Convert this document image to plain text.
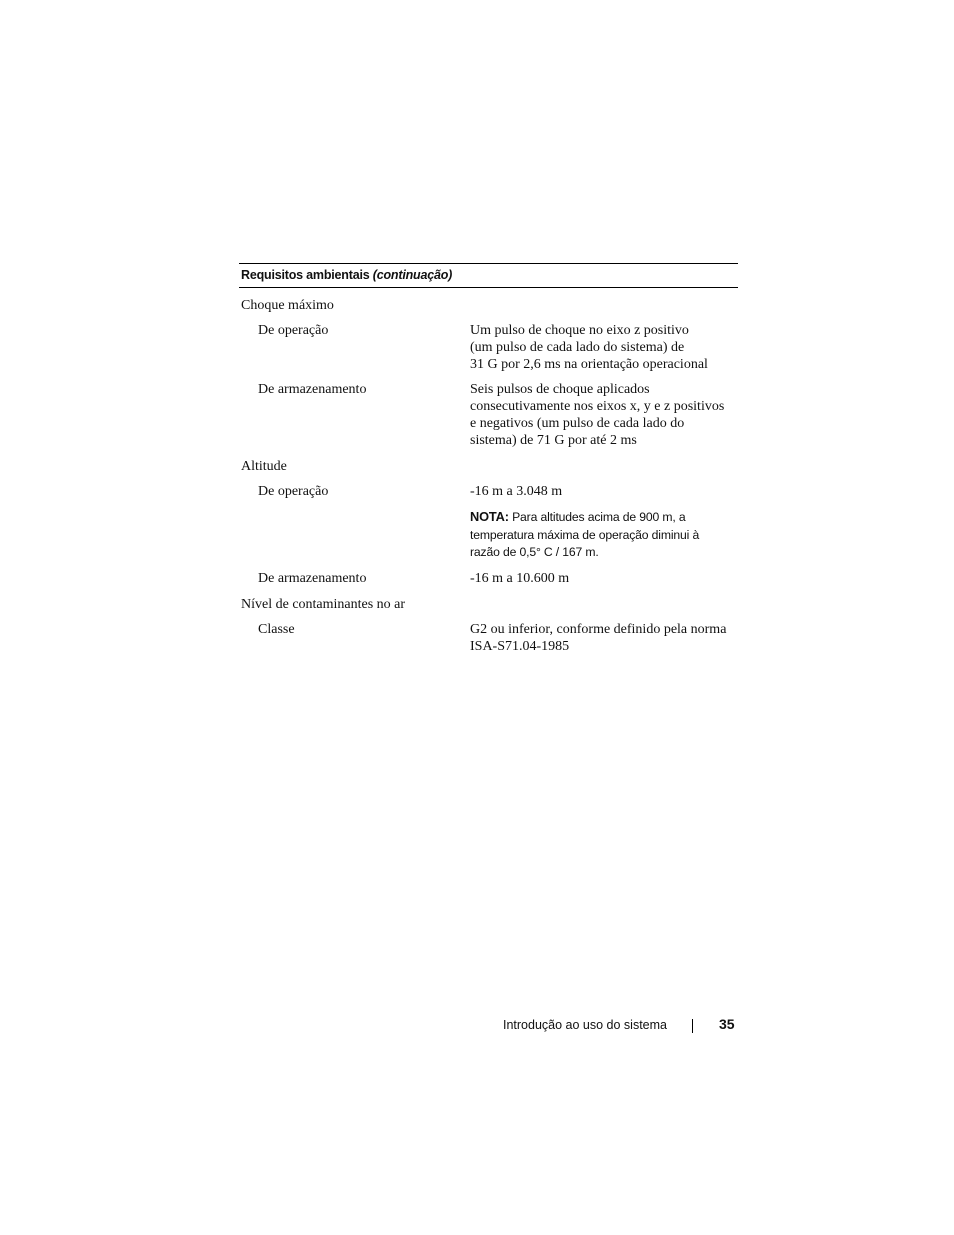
Requisitos ambientais (continuação)
Choque máximo
De operação	Um pulso de choque no eixo z positivo
(um pulso de cada lado do sistema) de
31 G por 2,6 ms na orientação operacional
De armazenamento	Seis pulsos de choque aplicados
consecutivamente nos eixos x, y e z positivos
e negativos (um pulso de cada lado do
sistema) de 71 G por até 2 ms
Altitude
De operação	-16 m a 3.048 m
NOTA: Para altitudes acima de 900 m, a
temperatura máxima de operação diminui à
razão de 0,5° C / 167 m.
De armazenamento	-16 m a 10.600 m
Nível de contaminantes no ar
Classe	G2 ou inferior, conforme definido pela norma
ISA-S71.04-1985
Introdução ao uso do sistema	35
